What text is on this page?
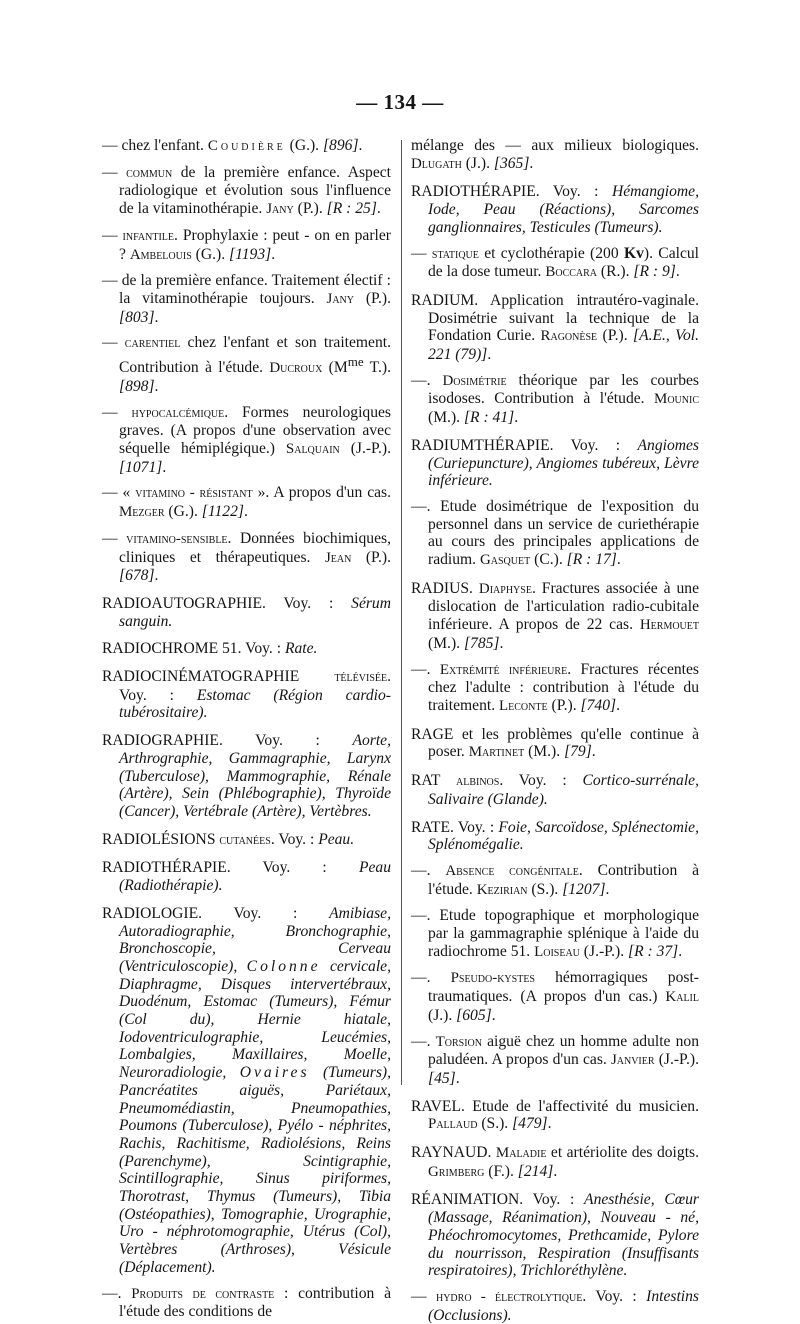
— 134 —

— chez l'enfant. Coudière (G.). [896].

— commun de la première enfance. Aspect radiologique et évolution sous l'influence de la vitaminothérapie. Jany (P.). [R : 25].

— infantile. Prophylaxie : peut - on en parler ? Ambelouis (G.). [1193].

— de la première enfance. Traitement électif : la vitaminothérapie toujours. Jany (P.). [803].

— carentiel chez l'enfant et son traitement. Contribution à l'étude. Ducroux ($M^{me}$ T.). [898].

— hypocalcémique. Formes neurologiques graves. (A propos d'une observation avec séquelle hémiplégique.) Salquain (J.-P.). [1071].

— « vitamino - résistant ». A propos d'un cas. Mezger (G.). [1122].

— vitamino-sensible. Données biochimiques, cliniques et thérapeutiques. Jean (P.). [678].

RADIOAUTOGRAPHIE. Voy. : Sérum sanguin.

RADIOCHROME 51. Voy. : Rate.

RADIOCINÉMATOGRAPHIE télévisée. Voy. : Estomac (Région cardio-tubérositaire).

RADIOGRAPHIE. Voy. : Aorte, Arthrographie, Gammagraphie, Larynx (Tuberculose), Mammographie, Rénale (Artère), Sein (Phlébographie), Thyroïde (Cancer), Vertébrale (Artère), Vertèbres.

RADIOLÉSIONS cutanées. Voy. : Peau.

RADIOTHÉRAPIE. Voy. : Peau (Radiothérapie).

RADIOLOGIE. Voy. : Amibiase, Autoradiographie, Bronchographie, Bronchoscopie, Cerveau (Ventriculoscopie), Colonne cervicale, Diaphragme, Disques intervertébraux, Duodénum, Estomac (Tumeurs), Fémur (Col du), Hernie hiatale, Iodoventriculographie, Leucémies, Lombalgies, Maxillaires, Moelle, Neuroradiologie, Ovaires (Tumeurs), Pancréatites aiguës, Pariétaux, Pneumomédiastin, Pneumopathies, Poumons (Tuberculose), Pyélo - néphrites, Rachis, Rachitisme, Radiolésions, Reins (Parenchyme), Scintigraphie, Scintillographie, Sinus piriformes, Thorotrast, Thymus (Tumeurs), Tibia (Ostéopathies), Tomographie, Urographie, Uro - néphrotomographie, Utérus (Col), Vertèbres (Arthroses), Vésicule (Déplacement).

—. Produits de contraste : contribution à l'étude des conditions de

mélange des — aux milieux biologiques. Dlugath (J.). [365].

RADIOTHÉRAPIE. Voy. : Hémangiome, Iode, Peau (Réactions), Sarcomes ganglionnaires, Testicules (Tumeurs).

— statique et cyclothérapie (200 Kv). Calcul de la dose tumeur. Boccara (R.). [R : 9].

RADIUM. Application intrautéro-vaginale. Dosimétrie suivant la technique de la Fondation Curie. Ragonèse (P.). [A.E., Vol. 221 (79)].

—. Dosimétrie théorique par les courbes isodoses. Contribution à l'étude. Mounic (M.). [R : 41].

RADIUMTHÉRAPIE. Voy. : Angiomes (Curiepuncture), Angiomes tubéreux, Lèvre inférieure.

—. Etude dosimétrique de l'exposition du personnel dans un service de curiethérapie au cours des principales applications de radium. Gasquet (C.). [R : 17].

RADIUS. Diaphyse. Fractures associée à une dislocation de l'articulation radio-cubitale inférieure. A propos de 22 cas. Hermouet (M.). [785].

—. Extrémité inférieure. Fractures récentes chez l'adulte : contribution à l'étude du traitement. Leconte (P.). [740].

RAGE et les problèmes qu'elle continue à poser. Martinet (M.). [79].

RAT albinos. Voy. : Cortico-surrénale, Salivaire (Glande).

RATE. Voy. : Foie, Sarcoïdose, Splénectomie, Splénomégalie.

—. Absence congénitale. Contribution à l'étude. Kezirian (S.). [1207].

—. Etude topographique et morphologique par la gammagraphie splénique à l'aide du radiochrome 51. Loiseau (J.-P.). [R : 37].

—. Pseudo-kystes hémorragiques post-traumatiques. (A propos d'un cas.) Kalil (J.). [605].

—. Torsion aiguë chez un homme adulte non paludéen. A propos d'un cas. Janvier (J.-P.). [45].

RAVEL. Etude de l'affectivité du musicien. Pallaud (S.). [479].

RAYNAUD. Maladie et artériolite des doigts. Grimberg (F.). [214].

RÉANIMATION. Voy. : Anesthésie, Cœur (Massage, Réanimation), Nouveau - né, Phéochromocytomes, Prethcamide, Pylore du nourrisson, Respiration (Insuffisants respiratoires), Trichloréthylène.

— hydro - électrolytique. Voy. : Intestins (Occlusions).
